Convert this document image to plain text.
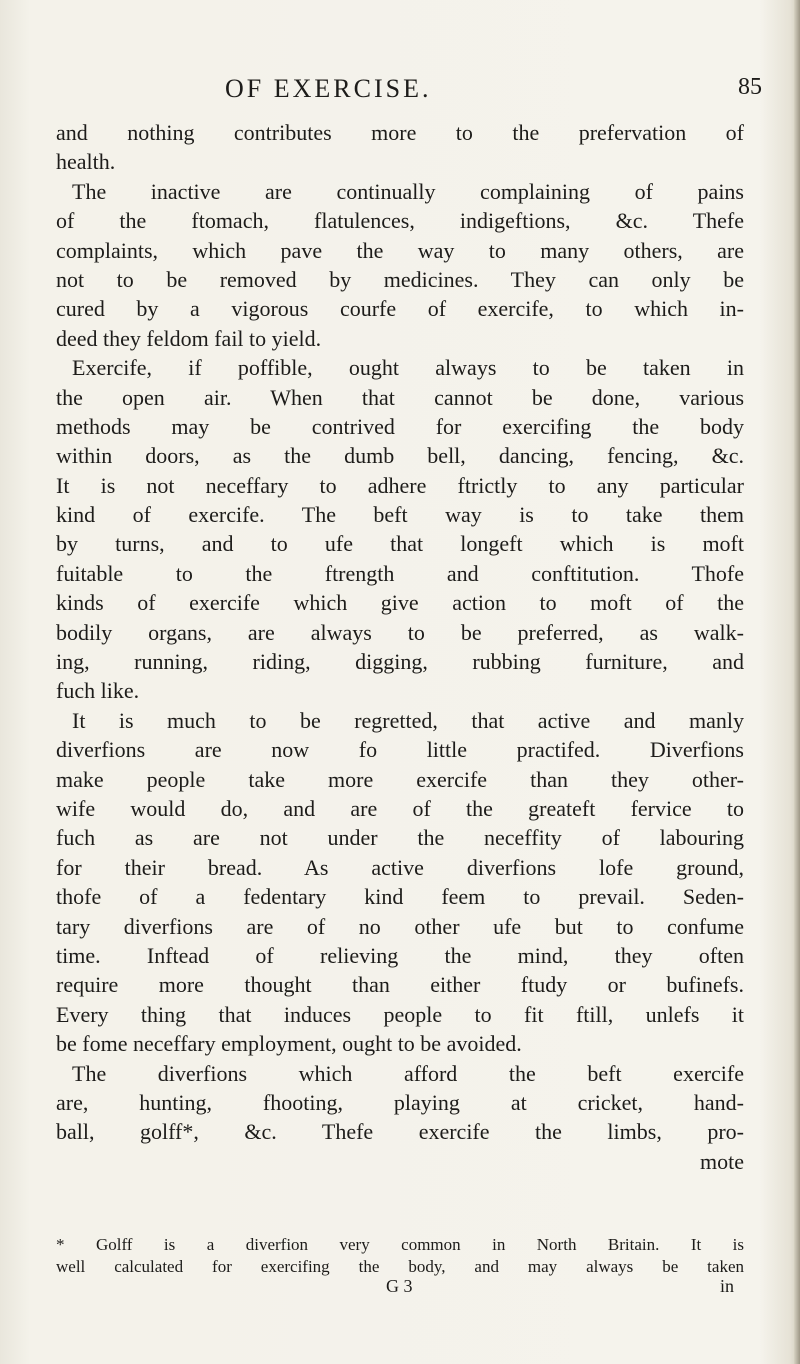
OF EXERCISE.	85
and nothing contributes more to the prefervation of
health.
The inactive are continually complaining of pains
of the ftomach, flatulences, indigeftions, &c. Thefe
complaints, which pave the way to many others, are
not to be removed by medicines. They can only be
cured by a vigorous courfe of exercife, to which in-
deed they feldom fail to yield.
Exercife, if poffible, ought always to be taken in
the open air. When that cannot be done, various
methods may be contrived for exercifing the body
within doors, as the dumb bell, dancing, fencing, &c.
It is not neceffary to adhere ftrictly to any particular
kind of exercife. The beft way is to take them
by turns, and to ufe that longeft which is moft
fuitable to the ftrength and conftitution. Thofe
kinds of exercife which give action to moft of the
bodily organs, are always to be preferred, as walk-
ing, running, riding, digging, rubbing furniture, and
fuch like.
It is much to be regretted, that active and manly
diverfions are now fo little practifed. Diverfions
make people take more exercife than they other-
wife would do, and are of the greateft fervice to
fuch as are not under the neceffity of labouring
for their bread. As active diverfions lofe ground,
thofe of a fedentary kind feem to prevail. Seden-
tary diverfions are of no other ufe but to confume
time. Inftead of relieving the mind, they often
require more thought than either ftudy or bufinefs.
Every thing that induces people to fit ftill, unlefs it
be fome neceffary employment, ought to be avoided.
The diverfions which afford the beft exercife
are, hunting, fhooting, playing at cricket, hand-
ball, golff*, &c. Thefe exercife the limbs, pro-
mote
* Golff is a diverfion very common in North Britain. It is
well calculated for exercifing the body, and may always be taken
G 3	in
